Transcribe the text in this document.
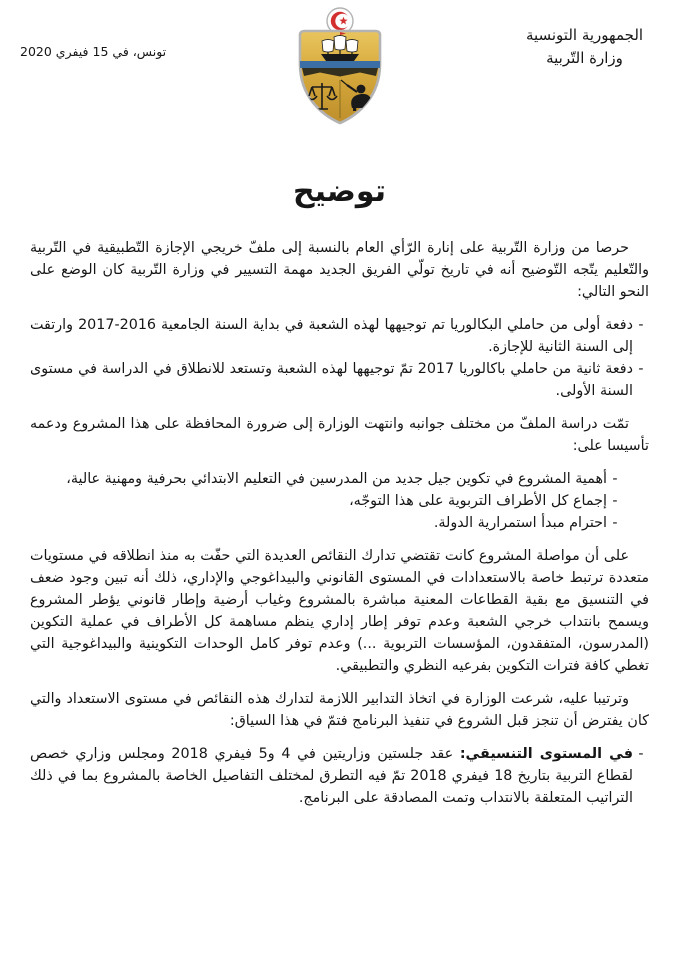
تونس، في 15 فيفري 2020
الجمهورية التونسية
وزارة التّربية
توضيح

حرصا من وزارة التّربية على إنارة الرّأي العام بالنسبة إلى ملفّ خريجي الإجازة التّطبيقية في التّربية والتّعليم يتّجه التّوضيح أنه في تاريخ تولّي الفريق الجديد مهمة التسيير في وزارة التّربية كان الوضع على النحو التالي:

-
دفعة أولى من حاملي البكالوريا تم توجيهها لهذه الشعبة في بداية السنة الجامعية 2016-2017 وارتقت إلى السنة الثانية للإجازة.
-
دفعة ثانية من حاملي باكالوريا 2017 تمّ توجيهها لهذه الشعبة وتستعد للانطلاق في الدراسة في مستوى السنة الأولى.

تمّت دراسة الملفّ من مختلف جوانبه وانتهت الوزارة إلى ضرورة المحافظة على هذا المشروع ودعمه تأسيسا على:

-
أهمية المشروع في تكوين جيل جديد من المدرسين في التعليم الابتدائي بحرفية ومهنية عالية،
-
إجماع كل الأطراف التربوية على هذا التوجّه،
-
احترام مبدأ استمرارية الدولة.

على أن مواصلة المشروع كانت تقتضي تدارك النقائص العديدة التي حفّت به منذ انطلاقه في مستويات متعددة ترتبط خاصة بالاستعدادات في المستوى القانوني والبيداغوجي والإداري، ذلك أنه تبين وجود ضعف في التنسيق مع بقية القطاعات المعنية مباشرة بالمشروع وغياب أرضية وإطار قانوني يؤطر المشروع ويسمح بانتداب خرجي الشعبة وعدم توفر إطار إداري ينظم مساهمة كل الأطراف في عملية التكوين (المدرسون، المتفقدون، المؤسسات التربوية ...) وعدم توفر كامل الوحدات التكوينية والبيداغوجية التي تغطي كافة فترات التكوين بفرعيه النظري والتطبيقي.

وترتيبا عليه، شرعت الوزارة في اتخاذ التدابير اللازمة لتدارك هذه النقائص في مستوى الاستعداد والتي كان يفترض أن تنجز قبل الشروع في تنفيذ البرنامج فتمّ في هذا السياق:

-
في المستوى التنسيقي: عقد جلستين وزاريتين في 4 و5 فيفري 2018 ومجلس وزاري خصص لقطاع التربية بتاريخ 18 فيفري 2018 تمّ فيه التطرق لمختلف التفاصيل الخاصة بالمشروع بما في ذلك التراتيب المتعلقة بالانتداب وتمت المصادقة على البرنامج.
